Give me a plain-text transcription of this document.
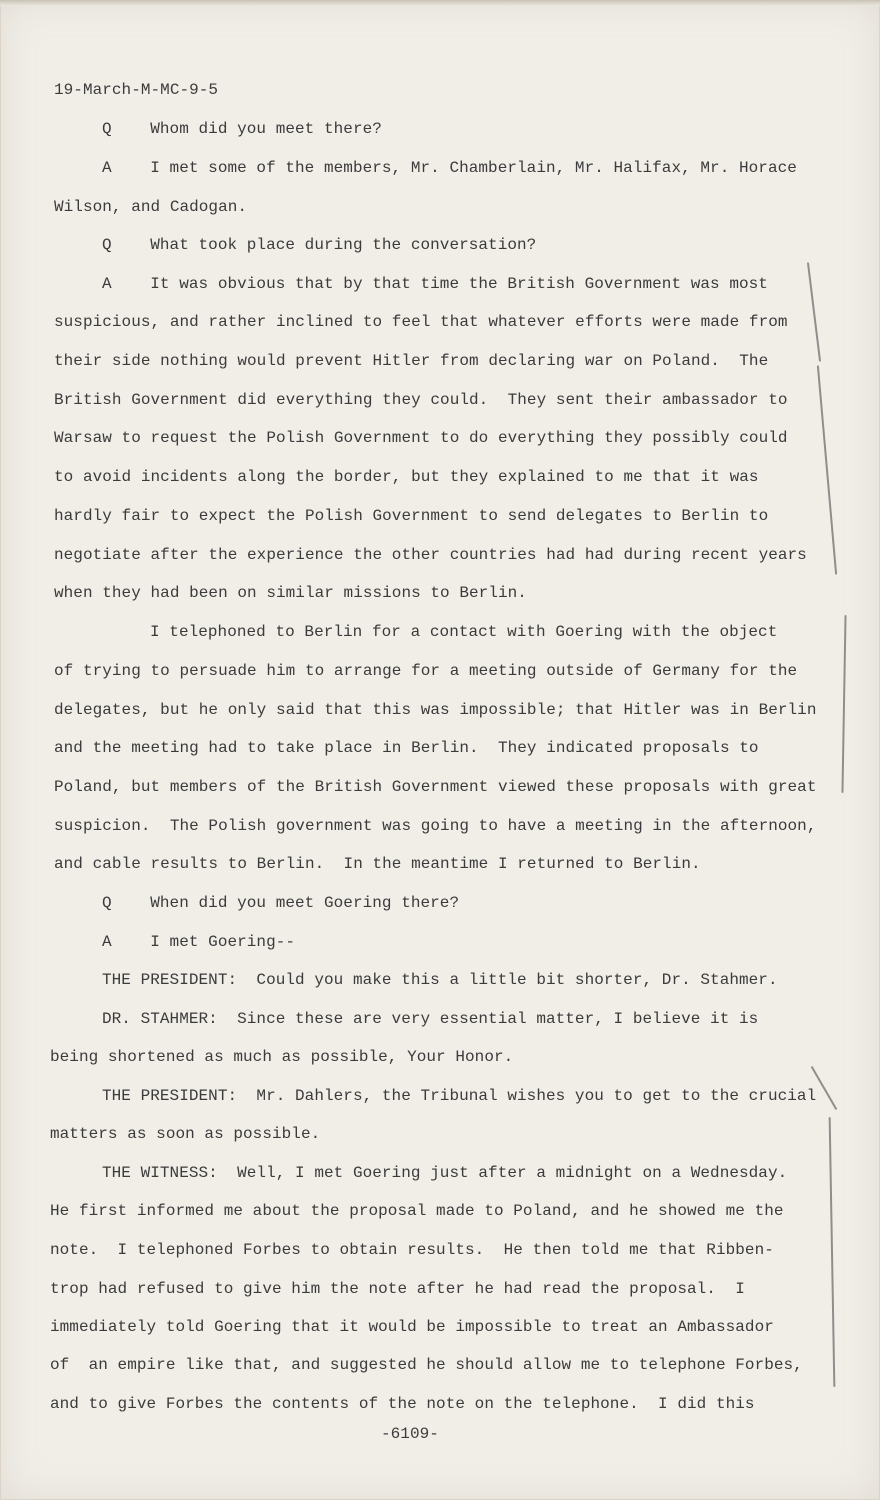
19-March-M-MC-9-5

Q    Whom did you meet there?

A    I met some of the members, Mr. Chamberlain, Mr. Halifax, Mr. Horace

Wilson, and Cadogan.

Q    What took place during the conversation?

A    It was obvious that by that time the British Government was most

suspicious, and rather inclined to feel that whatever efforts were made from

their side nothing would prevent Hitler from declaring war on Poland.  The

British Government did everything they could.  They sent their ambassador to

Warsaw to request the Polish Government to do everything they possibly could

to avoid incidents along the border, but they explained to me that it was

hardly fair to expect the Polish Government to send delegates to Berlin to

negotiate after the experience the other countries had had during recent years

when they had been on similar missions to Berlin.

I telephoned to Berlin for a contact with Goering with the object

of trying to persuade him to arrange for a meeting outside of Germany for the

delegates, but he only said that this was impossible; that Hitler was in Berlin

and the meeting had to take place in Berlin.  They indicated proposals to

Poland, but members of the British Government viewed these proposals with great

suspicion.  The Polish government was going to have a meeting in the afternoon,

and cable results to Berlin.  In the meantime I returned to Berlin.

Q    When did you meet Goering there?

A    I met Goering--

THE PRESIDENT:  Could you make this a little bit shorter, Dr. Stahmer.

DR. STAHMER:  Since these are very essential matter, I believe it is

being shortened as much as possible, Your Honor.

THE PRESIDENT:  Mr. Dahlers, the Tribunal wishes you to get to the crucial

matters as soon as possible.

THE WITNESS:  Well, I met Goering just after a midnight on a Wednesday.

He first informed me about the proposal made to Poland, and he showed me the

note.  I telephoned Forbes to obtain results.  He then told me that Ribben-

trop had refused to give him the note after he had read the proposal.  I

immediately told Goering that it would be impossible to treat an Ambassador

of  an empire like that, and suggested he should allow me to telephone Forbes,

and to give Forbes the contents of the note on the telephone.  I did this

-6109-
